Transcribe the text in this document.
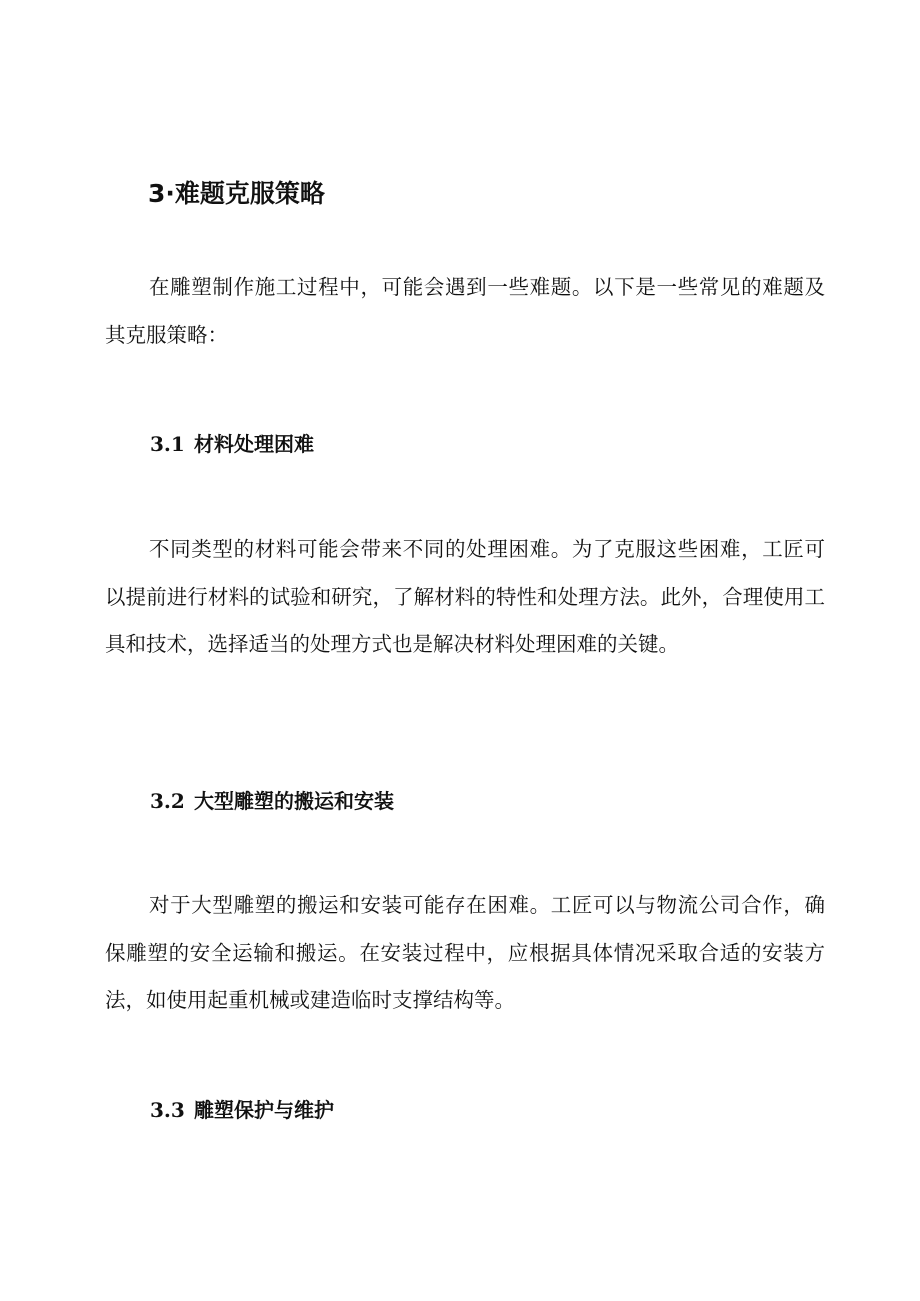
3·难题克服策略

在雕塑制作施工过程中，可能会遇到一些难题。以下是一些常见的难题及其克服策略：

3.1 材料处理困难

不同类型的材料可能会带来不同的处理困难。为了克服这些困难，工匠可以提前进行材料的试验和研究，了解材料的特性和处理方法。此外，合理使用工具和技术，选择适当的处理方式也是解决材料处理困难的关键。

3.2 大型雕塑的搬运和安装

对于大型雕塑的搬运和安装可能存在困难。工匠可以与物流公司合作，确保雕塑的安全运输和搬运。在安装过程中，应根据具体情况采取合适的安装方法，如使用起重机械或建造临时支撑结构等。

3.3 雕塑保护与维护
